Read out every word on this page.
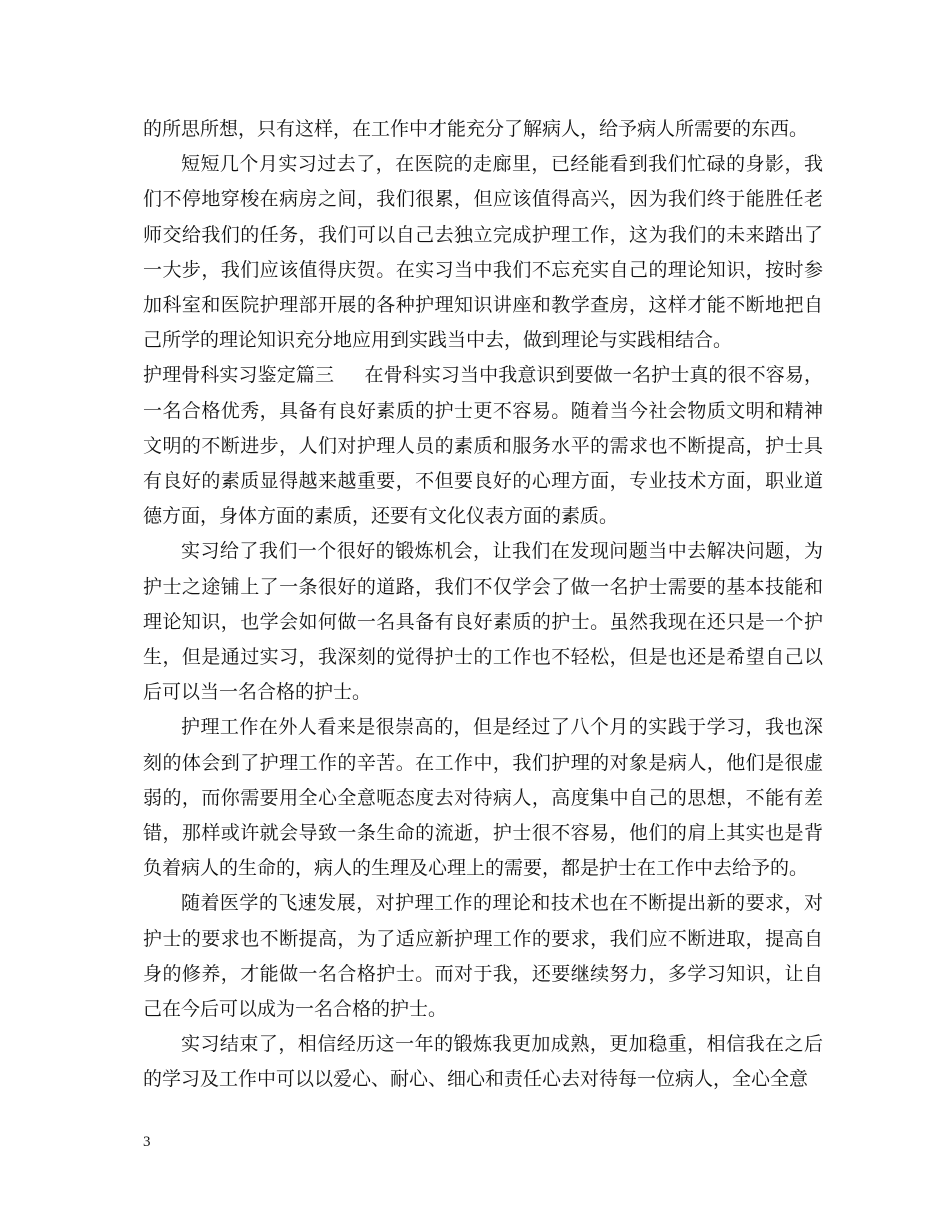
的所思所想，只有这样，在工作中才能充分了解病人，给予病人所需要的东西。

短短几个月实习过去了，在医院的走廊里，已经能看到我们忙碌的身影，我们不停地穿梭在病房之间，我们很累，但应该值得高兴，因为我们终于能胜任老师交给我们的任务，我们可以自己去独立完成护理工作，这为我们的未来踏出了一大步，我们应该值得庆贺。在实习当中我们不忘充实自己的理论知识，按时参加科室和医院护理部开展的各种护理知识讲座和教学查房，这样才能不断地把自己所学的理论知识充分地应用到实践当中去，做到理论与实践相结合。

护理骨科实习鉴定篇三 在骨科实习当中我意识到要做一名护士真的很不容易，一名合格优秀，具备有良好素质的护士更不容易。随着当今社会物质文明和精神文明的不断进步，人们对护理人员的素质和服务水平的需求也不断提高，护士具有良好的素质显得越来越重要，不但要良好的心理方面，专业技术方面，职业道德方面，身体方面的素质，还要有文化仪表方面的素质。

实习给了我们一个很好的锻炼机会，让我们在发现问题当中去解决问题，为护士之途铺上了一条很好的道路，我们不仅学会了做一名护士需要的基本技能和理论知识，也学会如何做一名具备有良好素质的护士。虽然我现在还只是一个护生，但是通过实习，我深刻的觉得护士的工作也不轻松，但是也还是希望自己以后可以当一名合格的护士。

护理工作在外人看来是很崇高的，但是经过了八个月的实践于学习，我也深刻的体会到了护理工作的辛苦。在工作中，我们护理的对象是病人，他们是很虚弱的，而你需要用全心全意呃态度去对待病人，高度集中自己的思想，不能有差错，那样或许就会导致一条生命的流逝，护士很不容易，他们的肩上其实也是背负着病人的生命的，病人的生理及心理上的需要，都是护士在工作中去给予的。

随着医学的飞速发展，对护理工作的理论和技术也在不断提出新的要求，对护士的要求也不断提高，为了适应新护理工作的要求，我们应不断进取，提高自身的修养，才能做一名合格护士。而对于我，还要继续努力，多学习知识，让自己在今后可以成为一名合格的护士。

实习结束了，相信经历这一年的锻炼我更加成熟，更加稳重，相信我在之后的学习及工作中可以以爱心、耐心、细心和责任心去对待每一位病人，全心全意

3
